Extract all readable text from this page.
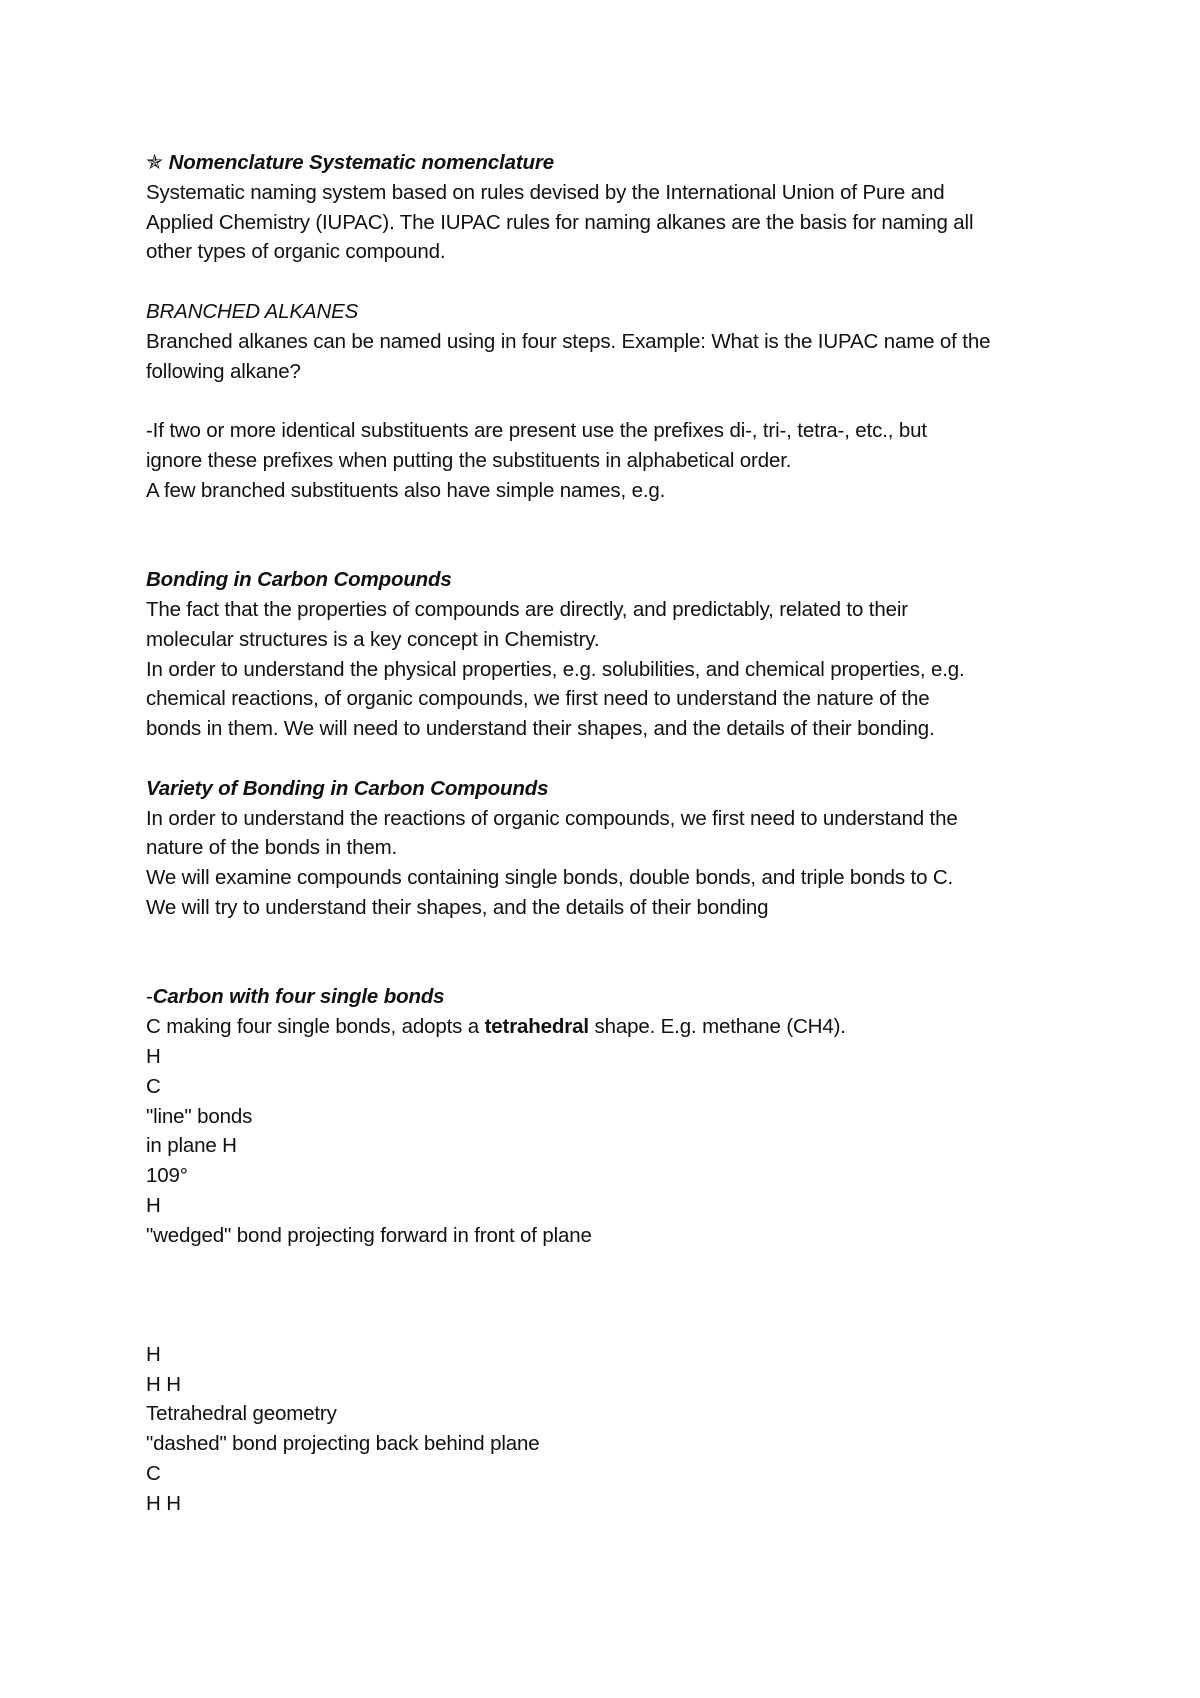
✯ Nomenclature Systematic nomenclature
Systematic naming system based on rules devised by the International Union of Pure and
Applied Chemistry (IUPAC). The IUPAC rules for naming alkanes are the basis for naming all
other types of organic compound.
BRANCHED ALKANES
Branched alkanes can be named using in four steps. Example: What is the IUPAC name of the
following alkane?
-If two or more identical substituents are present use the prefixes di-, tri-, tetra-, etc., but
ignore these prefixes when putting the substituents in alphabetical order.
A few branched substituents also have simple names, e.g.
Bonding in Carbon Compounds
The fact that the properties of compounds are directly, and predictably, related to their
molecular structures is a key concept in Chemistry.
In order to understand the physical properties, e.g. solubilities, and chemical properties, e.g.
chemical reactions, of organic compounds, we first need to understand the nature of the
bonds in them. We will need to understand their shapes, and the details of their bonding.
Variety of Bonding in Carbon Compounds
In order to understand the reactions of organic compounds, we first need to understand the
nature of the bonds in them.
We will examine compounds containing single bonds, double bonds, and triple bonds to C.
We will try to understand their shapes, and the details of their bonding
-Carbon with four single bonds
C making four single bonds, adopts a tetrahedral shape. E.g. methane (CH4).
H
C
"line" bonds
in plane H
109°
H
"wedged" bond projecting forward in front of plane
H
H H
Tetrahedral geometry
"dashed" bond projecting back behind plane
C
H H
